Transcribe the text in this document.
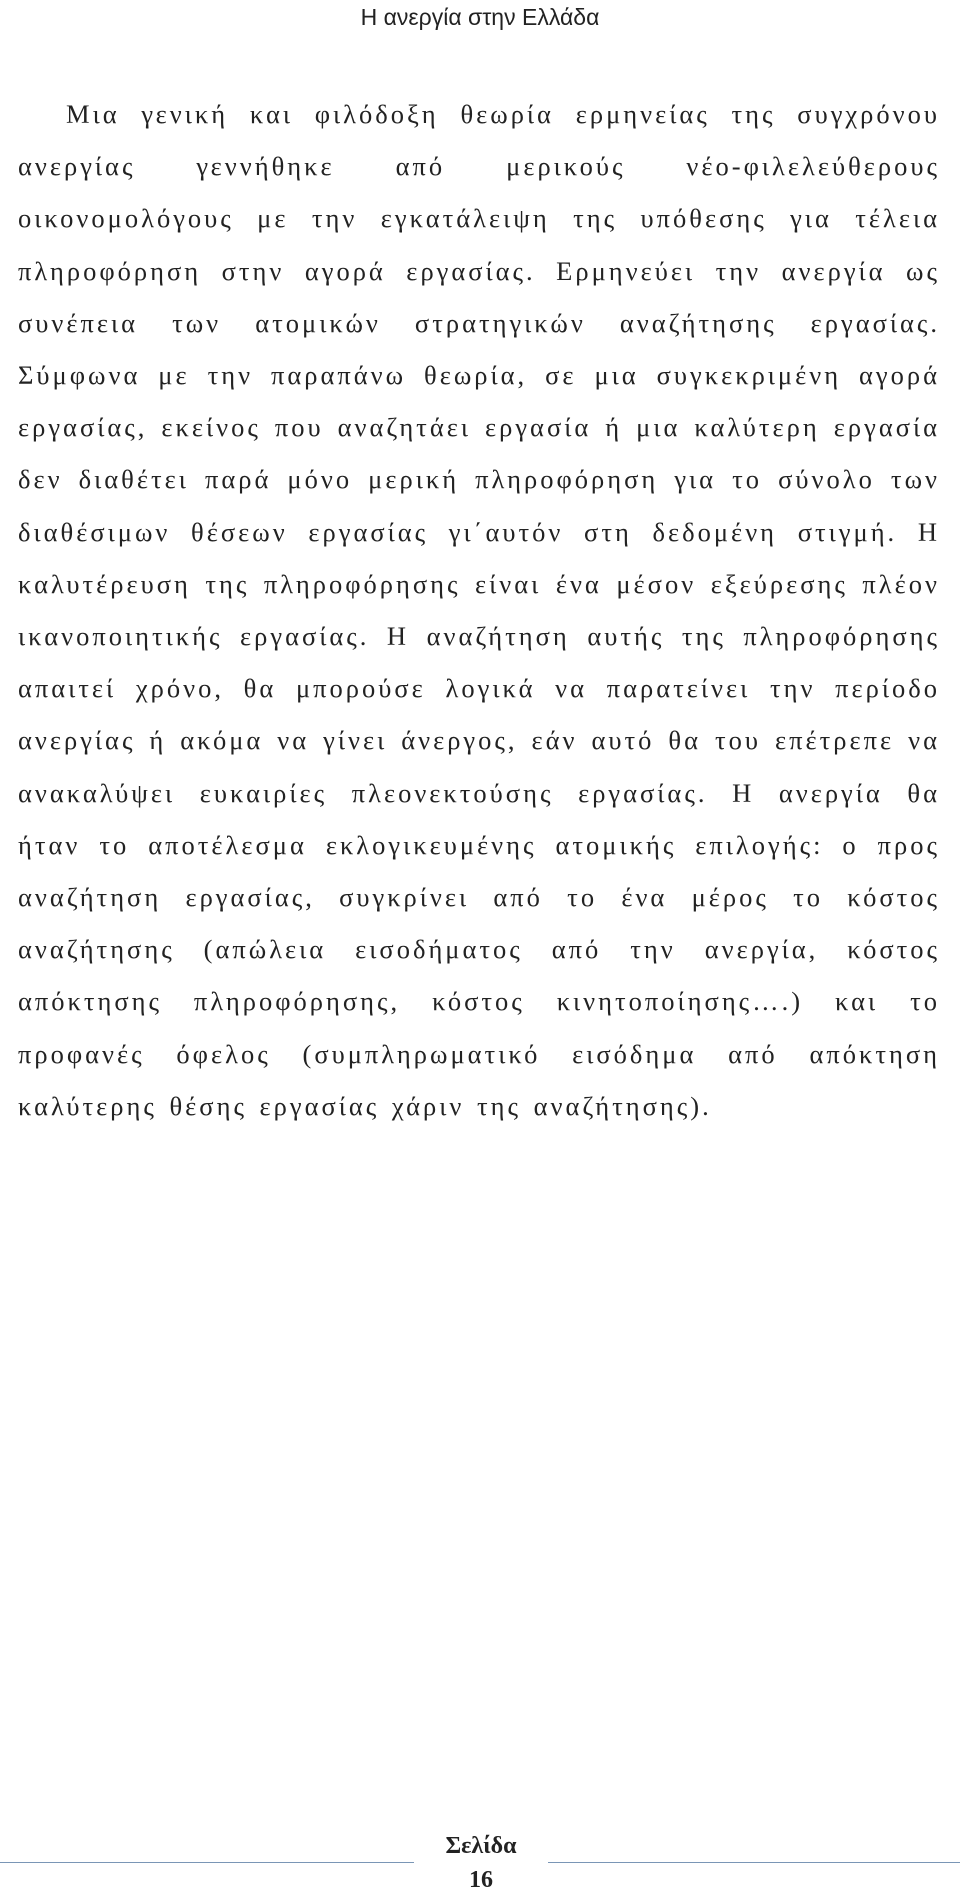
Η ανεργία στην Ελλάδα

Μια γενική και φιλόδοξη θεωρία ερμηνείας της συγχρόνου ανεργίας γεννήθηκε από μερικούς νέο-φιλελεύθερους οικονομολόγους με την εγκατάλειψη της υπόθεσης για τέλεια πληροφόρηση στην αγορά εργασίας. Ερμηνεύει την ανεργία ως συνέπεια των ατομικών στρατηγικών αναζήτησης εργασίας. Σύμφωνα με την παραπάνω θεωρία, σε μια συγκεκριμένη αγορά εργασίας, εκείνος που αναζητάει εργασία ή μια καλύτερη εργασία δεν διαθέτει παρά μόνο μερική πληροφόρηση για το σύνολο των διαθέσιμων θέσεων εργασίας γι΄αυτόν στη δεδομένη στιγμή. Η καλυτέρευση της πληροφόρησης είναι ένα μέσον εξεύρεσης πλέον ικανοποιητικής εργασίας. Η αναζήτηση αυτής της πληροφόρησης απαιτεί χρόνο, θα μπορούσε λογικά να παρατείνει την περίοδο ανεργίας ή ακόμα να γίνει άνεργος, εάν αυτό θα του επέτρεπε να ανακαλύψει ευκαιρίες πλεονεκτούσης εργασίας. Η ανεργία θα ήταν το αποτέλεσμα εκλογικευμένης ατομικής επιλογής: ο προς αναζήτηση εργασίας, συγκρίνει από το ένα μέρος το κόστος αναζήτησης (απώλεια εισοδήματος από την ανεργία, κόστος απόκτησης πληροφόρησης, κόστος κινητοποίησης….) και το προφανές όφελος (συμπληρωματικό εισόδημα από απόκτηση καλύτερης θέσης εργασίας χάριν της αναζήτησης).

Σελίδα
16
